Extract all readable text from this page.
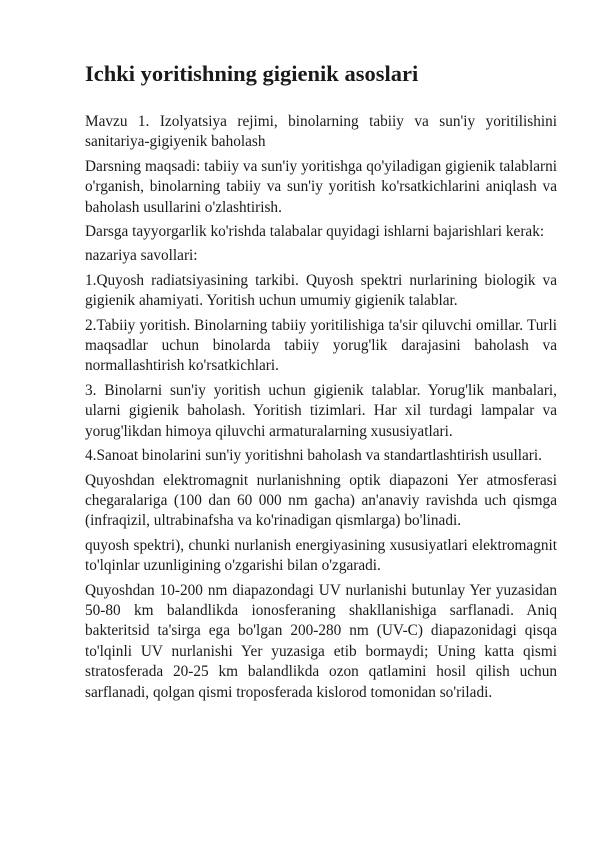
Ichki yoritishning gigienik asoslari

Mavzu 1. Izolyatsiya rejimi, binolarning tabiiy va sun'iy yoritilishini sanitariya-gigiyenik baholash

Darsning maqsadi: tabiiy va sun'iy yoritishga qo'yiladigan gigienik talablarni o'rganish, binolarning tabiiy va sun'iy yoritish ko'rsatkichlarini aniqlash va baholash usullarini o'zlashtirish.

Darsga tayyorgarlik ko'rishda talabalar quyidagi ishlarni bajarishlari kerak:

nazariya savollari:

1.Quyosh radiatsiyasining tarkibi. Quyosh spektri nurlarining biologik va gigienik ahamiyati. Yoritish uchun umumiy gigienik talablar.

2.Tabiiy yoritish. Binolarning tabiiy yoritilishiga ta'sir qiluvchi omillar. Turli maqsadlar uchun binolarda tabiiy yorug'lik darajasini baholash va normallashtirish ko'rsatkichlari.

3. Binolarni sun'iy yoritish uchun gigienik talablar. Yorug'lik manbalari, ularni gigienik baholash. Yoritish tizimlari. Har xil turdagi lampalar va yorug'likdan himoya qiluvchi armaturalarning xususiyatlari.

4.Sanoat binolarini sun'iy yoritishni baholash va standartlashtirish usullari.

Quyoshdan elektromagnit nurlanishning optik diapazoni Yer atmosferasi chegaralariga (100 dan 60 000 nm gacha) an'anaviy ravishda uch qismga (infraqizil, ultrabinafsha va ko'rinadigan qismlarga) bo'linadi.

quyosh spektri), chunki nurlanish energiyasining xususiyatlari elektromagnit to'lqinlar uzunligining o'zgarishi bilan o'zgaradi.

Quyoshdan 10-200 nm diapazondagi UV nurlanishi butunlay Yer yuzasidan 50-80 km balandlikda ionosferaning shakllanishiga sarflanadi. Aniq bakteritsid ta'sirga ega bo'lgan 200-280 nm (UV-C) diapazonidagi qisqa to'lqinli UV nurlanishi Yer yuzasiga etib bormaydi; Uning katta qismi stratosferada 20-25 km balandlikda ozon qatlamini hosil qilish uchun sarflanadi, qolgan qismi troposferada kislorod tomonidan so'riladi.
